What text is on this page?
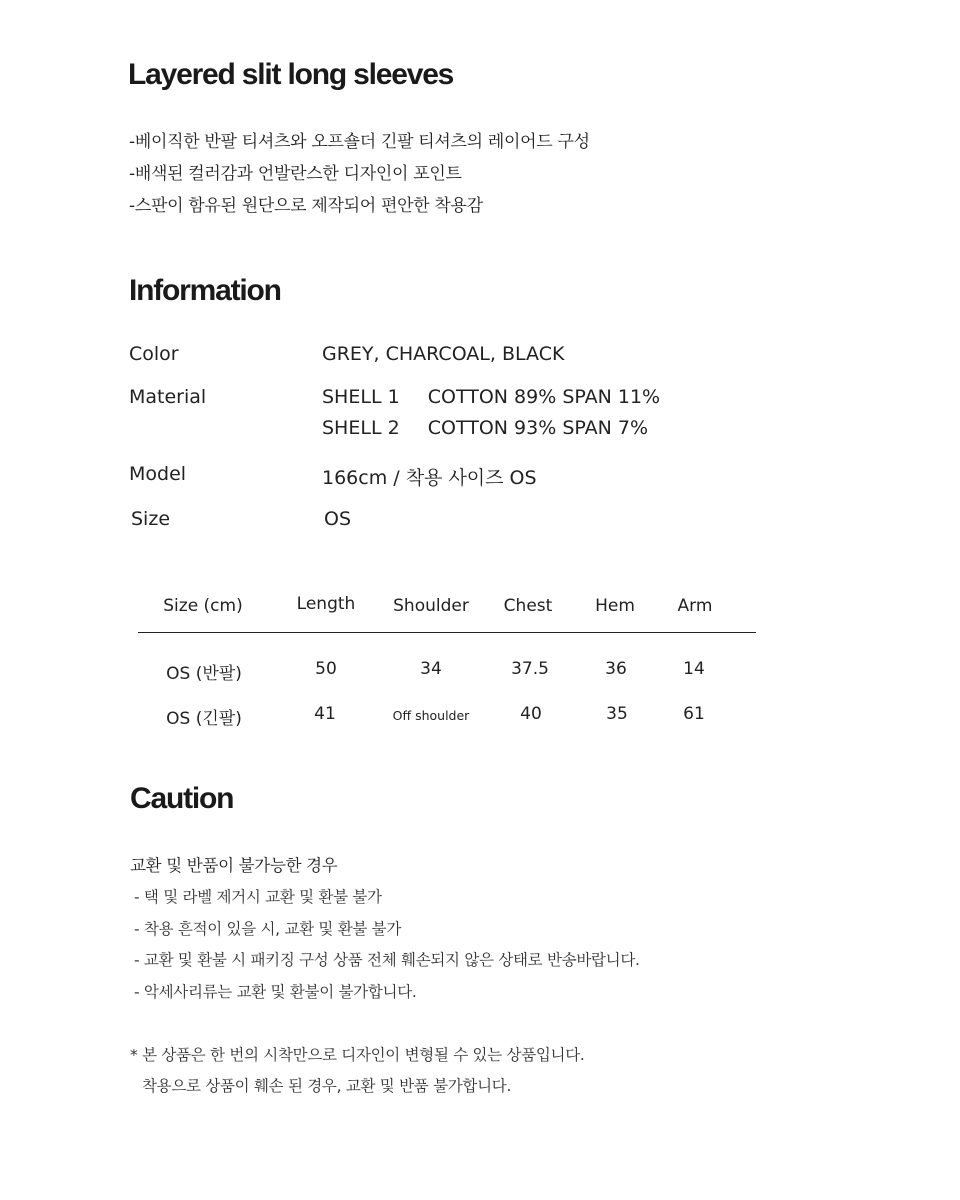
Layered slit long sleeves
-베이직한 반팔 티셔츠와 오프숄더 긴팔 티셔츠의 레이어드 구성
-배색된 컬러감과 언발란스한 디자인이 포인트
-스판이 함유된 원단으로 제작되어 편안한 착용감
Information
Color	GREY, CHARCOAL, BLACK
Material	SHELL 1 COTTON 89% SPAN 11%
SHELL 2 COTTON 93% SPAN 7%
Model	166cm / 착용 사이즈 OS
Size	OS
Size (cm)	Length	Shoulder	Chest	Hem	Arm
OS (반팔)	50	34	37.5	36	14
OS (긴팔)	41	Off shoulder	40	35	61
Caution
교환 및 반품이 불가능한 경우
- 택 및 라벨 제거시 교환 및 환불 불가
- 착용 흔적이 있을 시, 교환 및 환불 불가
- 교환 및 환불 시 패키징 구성 상품 전체 훼손되지 않은 상태로 반송바랍니다.
- 악세사리류는 교환 및 환불이 불가합니다.
* 본 상품은 한 번의 시착만으로 디자인이 변형될 수 있는 상품입니다.
착용으로 상품이 훼손 된 경우, 교환 및 반품 불가합니다.
